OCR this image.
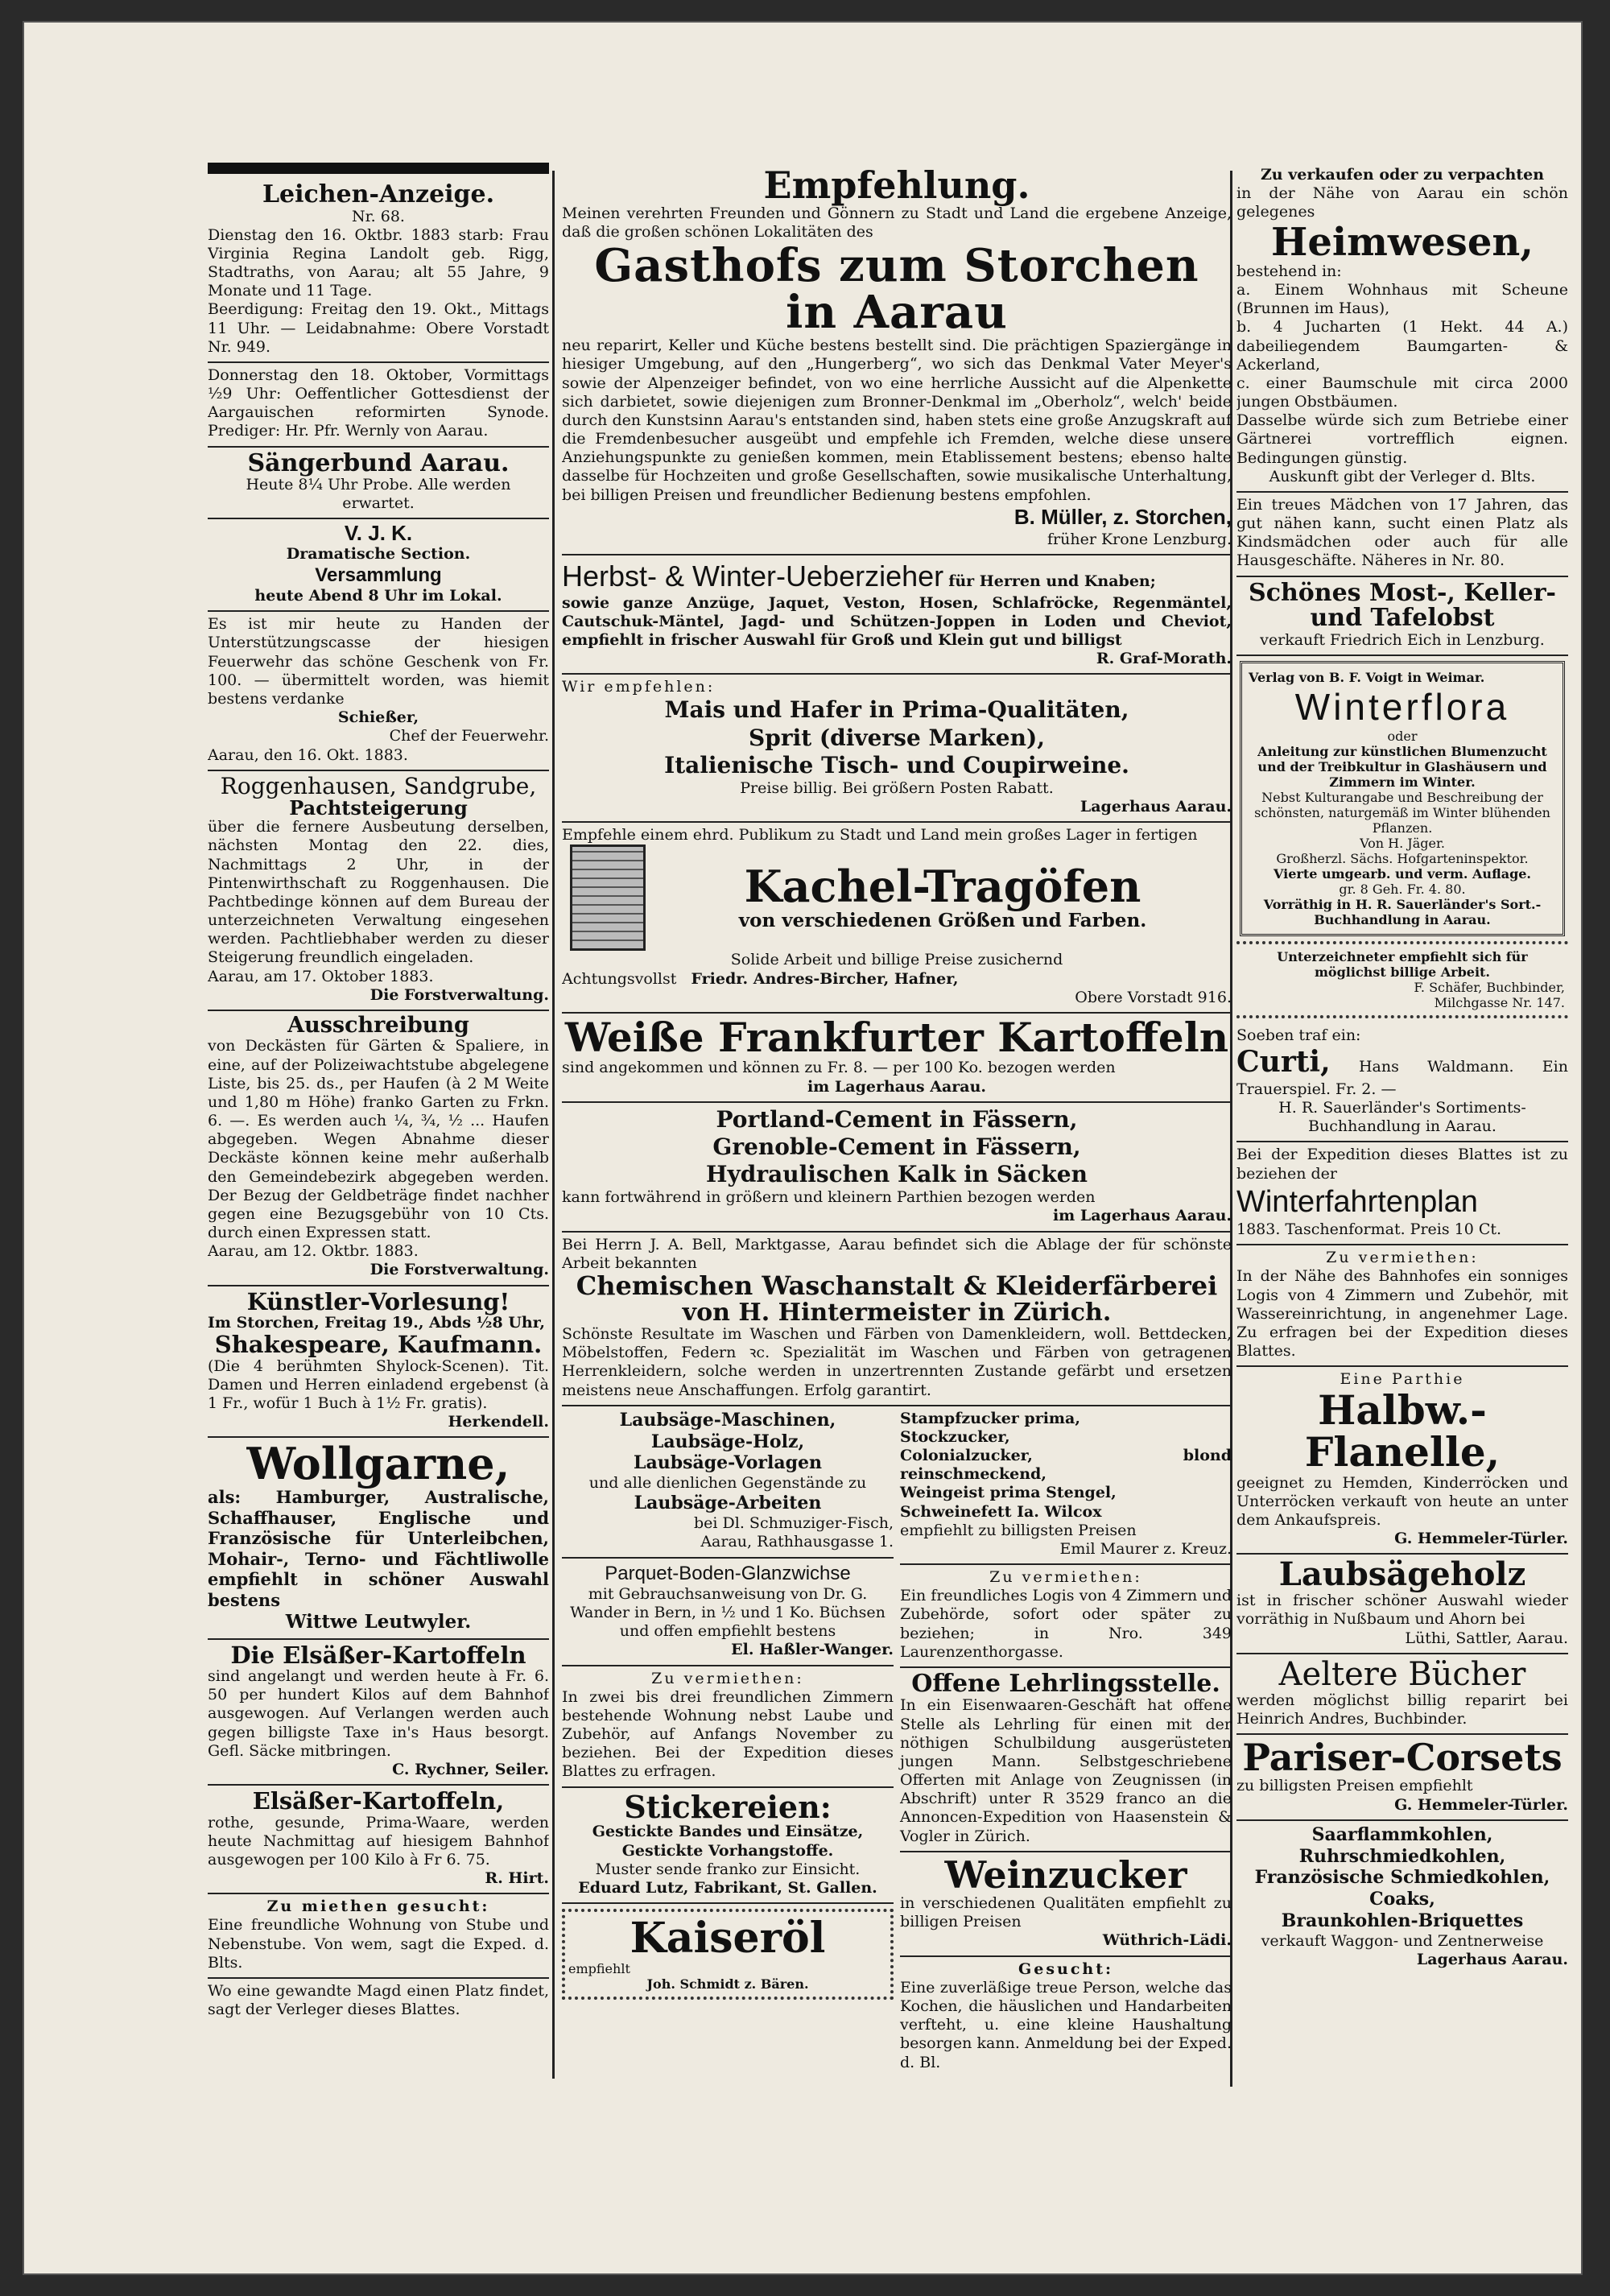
Leichen-Anzeige.
Nr. 68.
Dienstag den 16. Oktbr. 1883 starb: Frau Virginia Regina Landolt geb. Rigg, Stadtraths, von Aarau; alt 55 Jahre, 9 Monate und 11 Tage.
Beerdigung: Freitag den 19. Okt., Mittags 11 Uhr. — Leidabnahme: Obere Vorstadt Nr. 949.
Donnerstag den 18. Oktober, Vormittags ½9 Uhr: Oeffentlicher Gottesdienst der Aargauischen reformirten Synode. Prediger: Hr. Pfr. Wernly von Aarau.
Sängerbund Aarau.
Heute 8¼ Uhr Probe. Alle werden erwartet.
V. J. K.
Dramatische Section.
Versammlung
heute Abend 8 Uhr im Lokal.
Es ist mir heute zu Handen der Unterstützungscasse der hiesigen Feuerwehr das schöne Geschenk von Fr. 100. — übermittelt worden, was hiemit bestens verdanke
Schießer,
Chef der Feuerwehr.
Aarau, den 16. Okt. 1883.
Roggenhausen, Sandgrube,
Pachtsteigerung
über die fernere Ausbeutung derselben, nächsten Montag den 22. dies, Nachmittags 2 Uhr, in der Pintenwirthschaft zu Roggenhausen. Die Pachtbedinge können auf dem Bureau der unterzeichneten Verwaltung eingesehen werden. Pachtliebhaber werden zu dieser Steigerung freundlich eingeladen.
Aarau, am 17. Oktober 1883.
Die Forstverwaltung.
Ausschreibung
von Deckästen für Gärten & Spaliere, in eine, auf der Polizeiwachtstube abgelegene Liste, bis 25. ds., per Haufen (à 2 M Weite und 1,80 m Höhe) franko Garten zu Frkn. 6. —. Es werden auch ¼, ¾, ½ ... Haufen abgegeben. Wegen Abnahme dieser Deckäste können keine mehr außerhalb den Gemeindebezirk abgegeben werden. Der Bezug der Geldbeträge findet nachher gegen eine Bezugsgebühr von 10 Cts. durch einen Expressen statt.
Aarau, am 12. Oktbr. 1883.
Die Forstverwaltung.
Künstler-Vorlesung!
Im Storchen, Freitag 19., Abds ½8 Uhr,
Shakespeare, Kaufmann.
(Die 4 berühmten Shylock-Scenen). Tit. Damen und Herren einladend ergebenst (à 1 Fr., wofür 1 Buch à 1½ Fr. gratis).
Herkendell.
Wollgarne,
als: Hamburger, Australische, Schaffhauser, Englische und Französische für Unterleibchen, Mohair-, Terno- und Fächtliwolle empfiehlt in schöner Auswahl bestens
Wittwe Leutwyler.
Die Elsäßer-Kartoffeln
sind angelangt und werden heute à Fr. 6. 50 per hundert Kilos auf dem Bahnhof ausgewogen. Auf Verlangen werden auch gegen billigste Taxe in's Haus besorgt. Gefl. Säcke mitbringen.
C. Rychner, Seiler.
Elsäßer-Kartoffeln,
rothe, gesunde, Prima-Waare, werden heute Nachmittag auf hiesigem Bahnhof ausgewogen per 100 Kilo à Fr 6. 75.
R. Hirt.
Zu miethen gesucht:
Eine freundliche Wohnung von Stube und Nebenstube. Von wem, sagt die Exped. d. Blts.
Wo eine gewandte Magd einen Platz findet, sagt der Verleger dieses Blattes.
Empfehlung.
Meinen verehrten Freunden und Gönnern zu Stadt und Land die ergebene Anzeige, daß die großen schönen Lokalitäten des
Gasthofs zum Storchen in Aarau
neu reparirt, Keller und Küche bestens bestellt sind. Die prächtigen Spaziergänge in hiesiger Umgebung, auf den „Hungerberg“, wo sich das Denkmal Vater Meyer's sowie der Alpenzeiger befindet, von wo eine herrliche Aussicht auf die Alpenkette sich darbietet, sowie diejenigen zum Bronner-Denkmal im „Oberholz“, welch' beide durch den Kunstsinn Aarau's entstanden sind, haben stets eine große Anzugskraft auf die Fremdenbesucher ausgeübt und empfehle ich Fremden, welche diese unsere Anziehungspunkte zu genießen kommen, mein Etablissement bestens; ebenso halte dasselbe für Hochzeiten und große Gesellschaften, sowie musikalische Unterhaltung, bei billigen Preisen und freundlicher Bedienung bestens empfohlen.
B. Müller, z. Storchen,
früher Krone Lenzburg.
Herbst- & Winter-Ueberzieher für Herren und Knaben;
sowie ganze Anzüge, Jaquet, Veston, Hosen, Schlafröcke, Regenmäntel, Cautschuk-Mäntel, Jagd- und Schützen-Joppen in Loden und Cheviot, empfiehlt in frischer Auswahl für Groß und Klein gut und billigst
R. Graf-Morath.
Wir empfehlen:
Mais und Hafer in Prima-Qualitäten,
Sprit (diverse Marken),
Italienische Tisch- und Coupirweine.
Preise billig. Bei größern Posten Rabatt.
Lagerhaus Aarau.
Empfehle einem ehrd. Publikum zu Stadt und Land mein großes Lager in fertigen
Kachel-Tragöfen
von verschiedenen Größen und Farben.
Solide Arbeit und billige Preise zusichernd
Achtungsvollst Friedr. Andres-Bircher, Hafner,
Obere Vorstadt 916.
Weiße Frankfurter Kartoffeln
sind angekommen und können zu Fr. 8. — per 100 Ko. bezogen werden
im Lagerhaus Aarau.
Portland-Cement in Fässern,
Grenoble-Cement in Fässern,
Hydraulischen Kalk in Säcken
kann fortwährend in größern und kleinern Parthien bezogen werden
im Lagerhaus Aarau.
Bei Herrn J. A. Bell, Marktgasse, Aarau befindet sich die Ablage der für schönste Arbeit bekannten
Chemischen Waschanstalt & Kleiderfärberei
von H. Hintermeister in Zürich.
Schönste Resultate im Waschen und Färben von Damenkleidern, woll. Bettdecken, Möbelstoffen, Federn ꝛc. Spezialität im Waschen und Färben von getragenen Herrenkleidern, solche werden in unzertrennten Zustande gefärbt und ersetzen meistens neue Anschaffungen. Erfolg garantirt.
Laubsäge-Maschinen,
Laubsäge-Holz,
Laubsäge-Vorlagen
und alle dienlichen Gegenstände zu
Laubsäge-Arbeiten
bei Dl. Schmuziger-Fisch,
Aarau, Rathhausgasse 1.
Parquet-Boden-Glanzwichse
mit Gebrauchsanweisung von Dr. G. Wander in Bern, in ½ und 1 Ko. Büchsen und offen empfiehlt bestens
El. Haßler-Wanger.
Zu vermiethen:
In zwei bis drei freundlichen Zimmern bestehende Wohnung nebst Laube und Zubehör, auf Anfangs November zu beziehen. Bei der Expedition dieses Blattes zu erfragen.
Stickereien:
Gestickte Bandes und Einsätze, Gestickte Vorhangstoffe.
Muster sende franko zur Einsicht.
Eduard Lutz, Fabrikant, St. Gallen.
Kaiseröl
empfiehlt
Joh. Schmidt z. Bären.
Stampfzucker prima,
Stockzucker,
Colonialzucker, blond reinschmeckend,
Weingeist prima Stengel,
Schweinefett Ia. Wilcox
empfiehlt zu billigsten Preisen
Emil Maurer z. Kreuz.
Zu vermiethen:
Ein freundliches Logis von 4 Zimmern und Zubehörde, sofort oder später zu beziehen; in Nro. 349 Laurenzenthorgasse.
Offene Lehrlingsstelle.
In ein Eisenwaaren-Geschäft hat offene Stelle als Lehrling für einen mit der nöthigen Schulbildung ausgerüsteten jungen Mann. Selbstgeschriebene Offerten mit Anlage von Zeugnissen (in Abschrift) unter R 3529 franco an die Annoncen-Expedition von Haasenstein & Vogler in Zürich.
Weinzucker
in verschiedenen Qualitäten empfiehlt zu billigen Preisen
Wüthrich-Lädi.
Gesucht:
Eine zuverläßige treue Person, welche das Kochen, die häuslichen und Handarbeiten verfteht, u. eine kleine Haushaltung besorgen kann. Anmeldung bei der Exped. d. Bl.
Zu verkaufen oder zu verpachten
in der Nähe von Aarau ein schön gelegenes
Heimwesen,
bestehend in:
a. Einem Wohnhaus mit Scheune (Brunnen im Haus),
b. 4 Jucharten (1 Hekt. 44 A.) dabeiliegendem Baumgarten- & Ackerland,
c. einer Baumschule mit circa 2000 jungen Obstbäumen.
Dasselbe würde sich zum Betriebe einer Gärtnerei vortrefflich eignen. Bedingungen günstig.
Auskunft gibt der Verleger d. Blts.
Ein treues Mädchen von 17 Jahren, das gut nähen kann, sucht einen Platz als Kindsmädchen oder auch für alle Hausgeschäfte. Näheres in Nr. 80.
Schönes Most-, Keller- und Tafelobst
verkauft Friedrich Eich in Lenzburg.
Verlag von B. F. Voigt in Weimar.
Winterflora
oder
Anleitung zur künstlichen Blumenzucht und der Treibkultur in Glashäusern und Zimmern im Winter.
Nebst Kulturangabe und Beschreibung der schönsten, naturgemäß im Winter blühenden Pflanzen.
Von H. Jäger.
Großherzl. Sächs. Hofgarteninspektor.
Vierte umgearb. und verm. Auflage.
gr. 8 Geh. Fr. 4. 80.
Vorräthig in H. R. Sauerländer's Sort.-Buchhandlung in Aarau.
Unterzeichneter empfiehlt sich für möglichst billige Arbeit.
F. Schäfer, Buchbinder,
Milchgasse Nr. 147.
Soeben traf ein:
Curti, Hans Waldmann. Ein Trauerspiel. Fr. 2. —
H. R. Sauerländer's Sortiments-Buchhandlung in Aarau.
Bei der Expedition dieses Blattes ist zu beziehen der
Winterfahrtenplan
1883. Taschenformat. Preis 10 Ct.
Zu vermiethen:
In der Nähe des Bahnhofes ein sonniges Logis von 4 Zimmern und Zubehör, mit Wassereinrichtung, in angenehmer Lage. Zu erfragen bei der Expedition dieses Blattes.
Eine Parthie
Halbw.-Flanelle,
geeignet zu Hemden, Kinderröcken und Unterröcken verkauft von heute an unter dem Ankaufspreis.
G. Hemmeler-Türler.
Laubsägeholz
ist in frischer schöner Auswahl wieder vorräthig in Nußbaum und Ahorn bei
Lüthi, Sattler, Aarau.
Aeltere Bücher
werden möglichst billig reparirt bei Heinrich Andres, Buchbinder.
Pariser-Corsets
zu billigsten Preisen empfiehlt
G. Hemmeler-Türler.
Saarflammkohlen,
Ruhrschmiedkohlen,
Französische Schmiedkohlen,
Coaks,
Braunkohlen-Briquettes
verkauft Waggon- und Zentnerweise
Lagerhaus Aarau.
